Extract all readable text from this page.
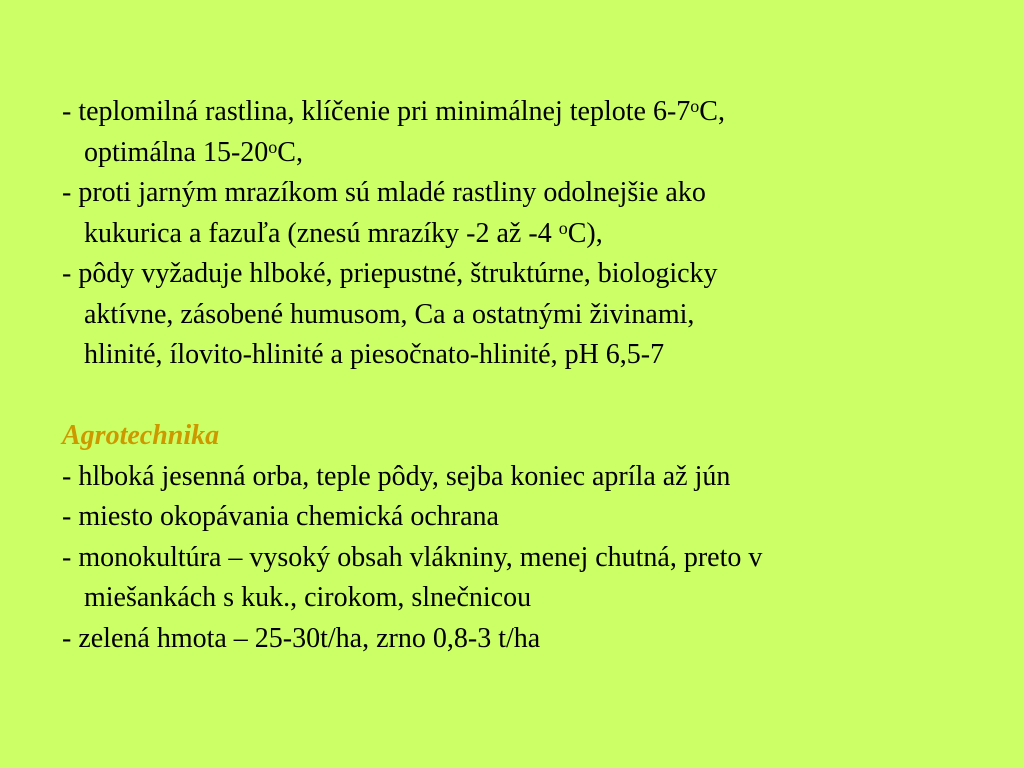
- teplomilná rastlina, klíčenie pri minimálnej teplote 6-7$^o$C,
optimálna 15-20$^o$C,
- proti jarným mrazíkom sú mladé rastliny odolnejšie ako
kukurica a fazuľa (znesú mrazíky -2 až -4 $^o$C),
- pôdy vyžaduje hlboké, priepustné, štruktúrne, biologicky
aktívne, zásobené humusom, Ca a ostatnými živinami,
hlinité, ílovito-hlinité a piesočnato-hlinité, pH 6,5-7
Agrotechnika
- hlboká jesenná orba, teple pôdy, sejba koniec apríla až jún
- miesto okopávania chemická ochrana
- monokultúra – vysoký obsah vlákniny, menej chutná, preto v
miešankách s kuk., cirokom, slnečnicou
- zelená hmota – 25-30t/ha, zrno 0,8-3 t/ha
